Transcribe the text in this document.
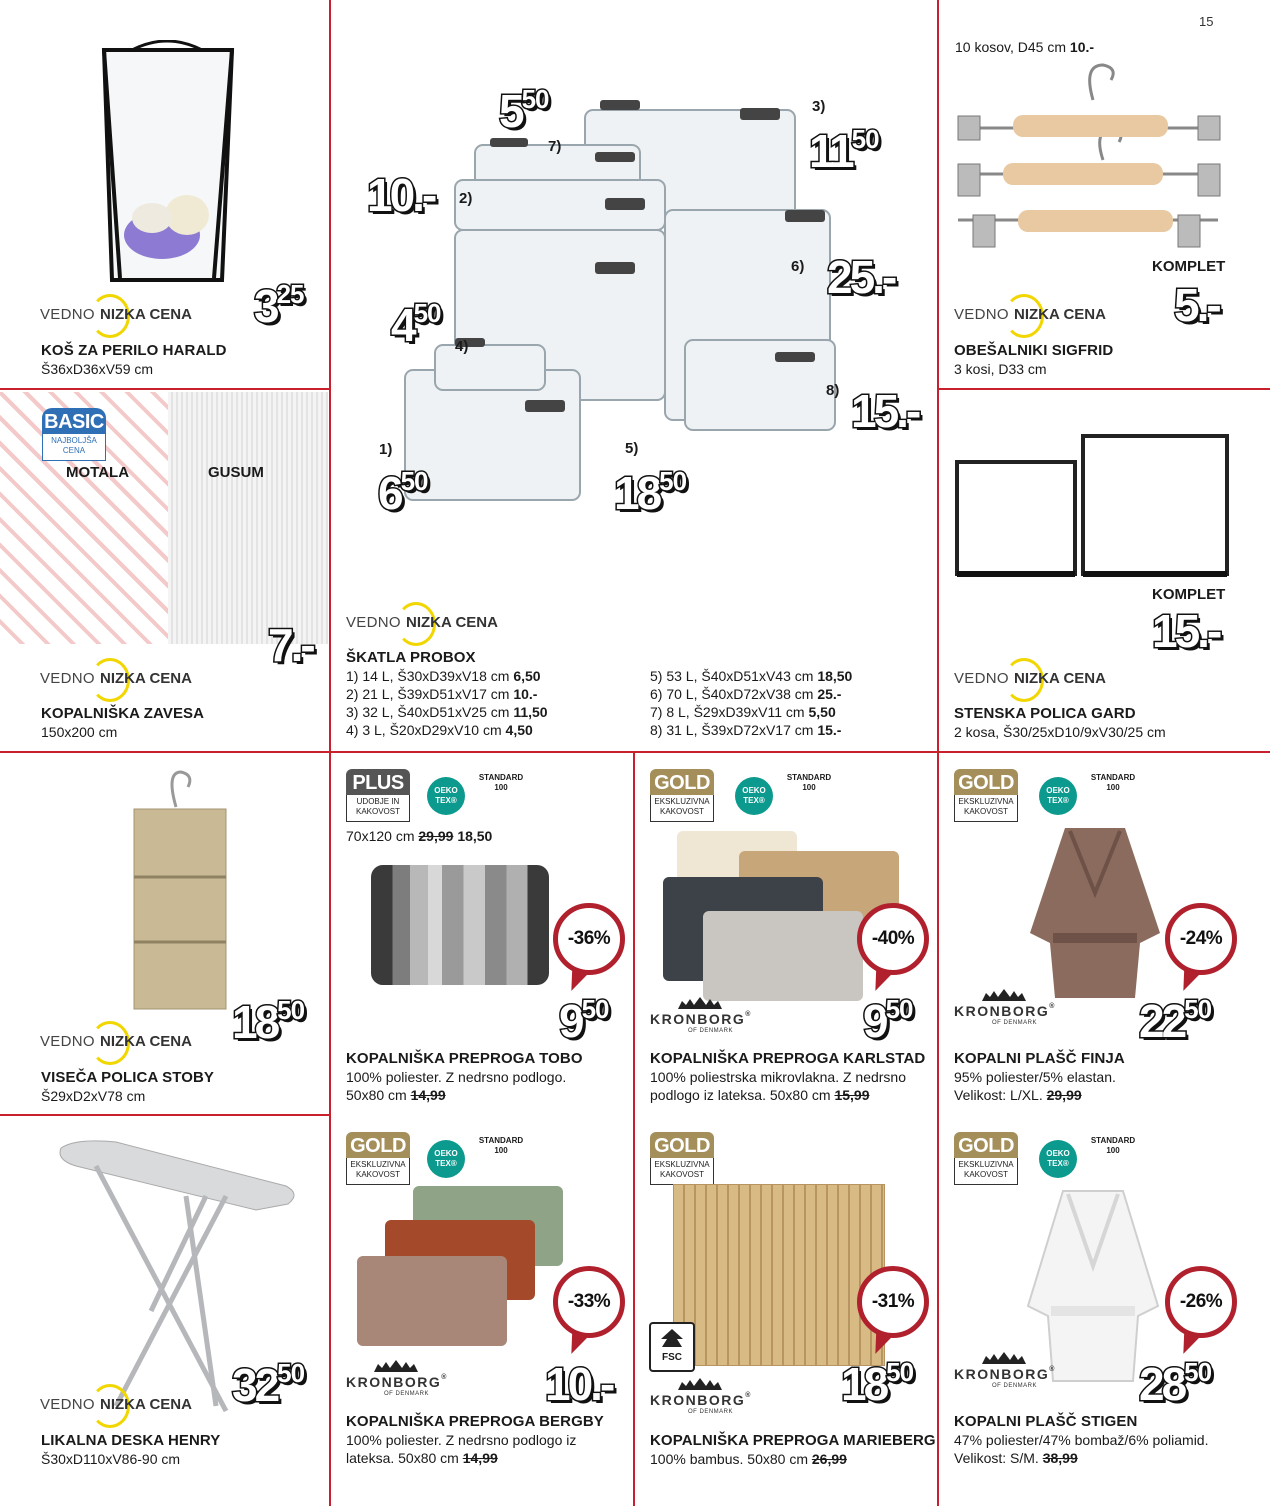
15
VEDNO NIZKA CENA 325
KOŠ ZA PERILO HARALD
Š36xD36xV59 cm
7)
550	3)
1150
2)
10.-
6) 25.-
4)
450
8) 15.-
1)
650
5)
1850
VEDNO NIZKA CENA
ŠKATLA PROBOX
1) 14 L, Š30xD39xV18 cm 6,50
2) 21 L, Š39xD51xV17 cm 10.-
3) 32 L, Š40xD51xV25 cm 11,50
4) 3 L, Š20xD29xV10 cm 4,50
5) 53 L, Š40xD51xV43 cm 18,50
6) 70 L, Š40xD72xV38 cm 25.-
7) 8 L, Š29xD39xV11 cm 5,50
8) 31 L, Š39xD72xV17 cm 15.-
10 kosov, D45 cm 10.-
KOMPLET
VEDNO NIZKA CENA 5.-
OBEŠALNIKI SIGFRID
3 kosi, D33 cm
BASIC
NAJBOLJŠA
CENA
MOTALA	GUSUM
VEDNO NIZKA CENA
7.-
KOPALNIŠKA ZAVESA
150x200 cm
KOMPLET
15.-
VEDNO NIZKA CENA
STENSKA POLICA GARD
2 kosa, Š30/25xD10/9xV30/25 cm
VEDNO NIZKA CENA 1850
VISEČA POLICA STOBY
Š29xD2xV78 cm
PLUS
UDOBJE IN
KAKOVOST
OEKO TEX®
STANDARD
100
70x120 cm 29,99 18,50
-36%
950
KOPALNIŠKA PREPROGA TOBO
100% poliester. Z nedrsno podlogo.
50x80 cm 14,99
GOLD
EKSKLUZIVNA
KAKOVOST
OEKO TEX®
STANDARD
100
-40%
KRONBORG®
OF DENMARK	950
KOPALNIŠKA PREPROGA KARLSTAD
100% poliestrska mikrovlakna. Z nedrsno
podlogo iz lateksa. 50x80 cm 15,99
GOLD
EKSKLUZIVNA
KAKOVOST
OEKO TEX®
STANDARD
100
-24%
KRONBORG®
OF DENMARK 2250
KOPALNI PLAŠČ FINJA
95% poliester/5% elastan.
Velikost: L/XL. 29,99
VEDNO NIZKA CENA 3250
LIKALNA DESKA HENRY
Š30xD110xV86-90 cm
GOLD
EKSKLUZIVNA
KAKOVOST
OEKO TEX®
STANDARD
100
-33%
KRONBORG®
OF DENMARK	10.-
KOPALNIŠKA PREPROGA BERGBY
100% poliester. Z nedrsno podlogo iz
lateksa. 50x80 cm 14,99
GOLD
EKSKLUZIVNA
KAKOVOST
FSC
-31%
KRONBORG®
OF DENMARK
1850
KOPALNIŠKA PREPROGA MARIEBERG
100% bambus. 50x80 cm 26,99
GOLD
EKSKLUZIVNA
KAKOVOST
OEKO TEX®
STANDARD
100
-26%
KRONBORG®
OF DENMARK 2850
KOPALNI PLAŠČ STIGEN
47% poliester/47% bombaž/6% poliamid.
Velikost: S/M. 38,99
